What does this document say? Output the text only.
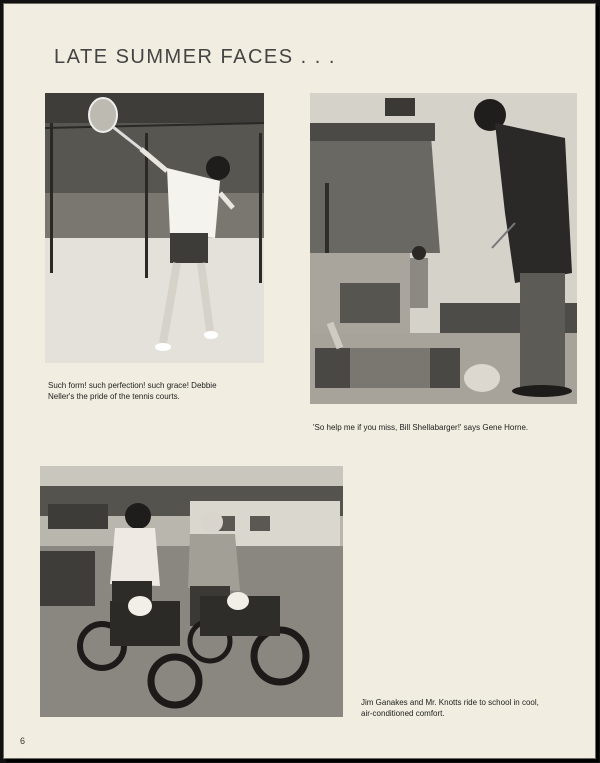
LATE SUMMER FACES . . .
Such form! such perfection! such grace! Debbie
Neller's the pride of the tennis courts.
'So help me if you miss, Bill Shellabarger!' says Gene Horne.
Jim Ganakes and Mr. Knotts ride to school in cool,
air-conditioned comfort.
6
